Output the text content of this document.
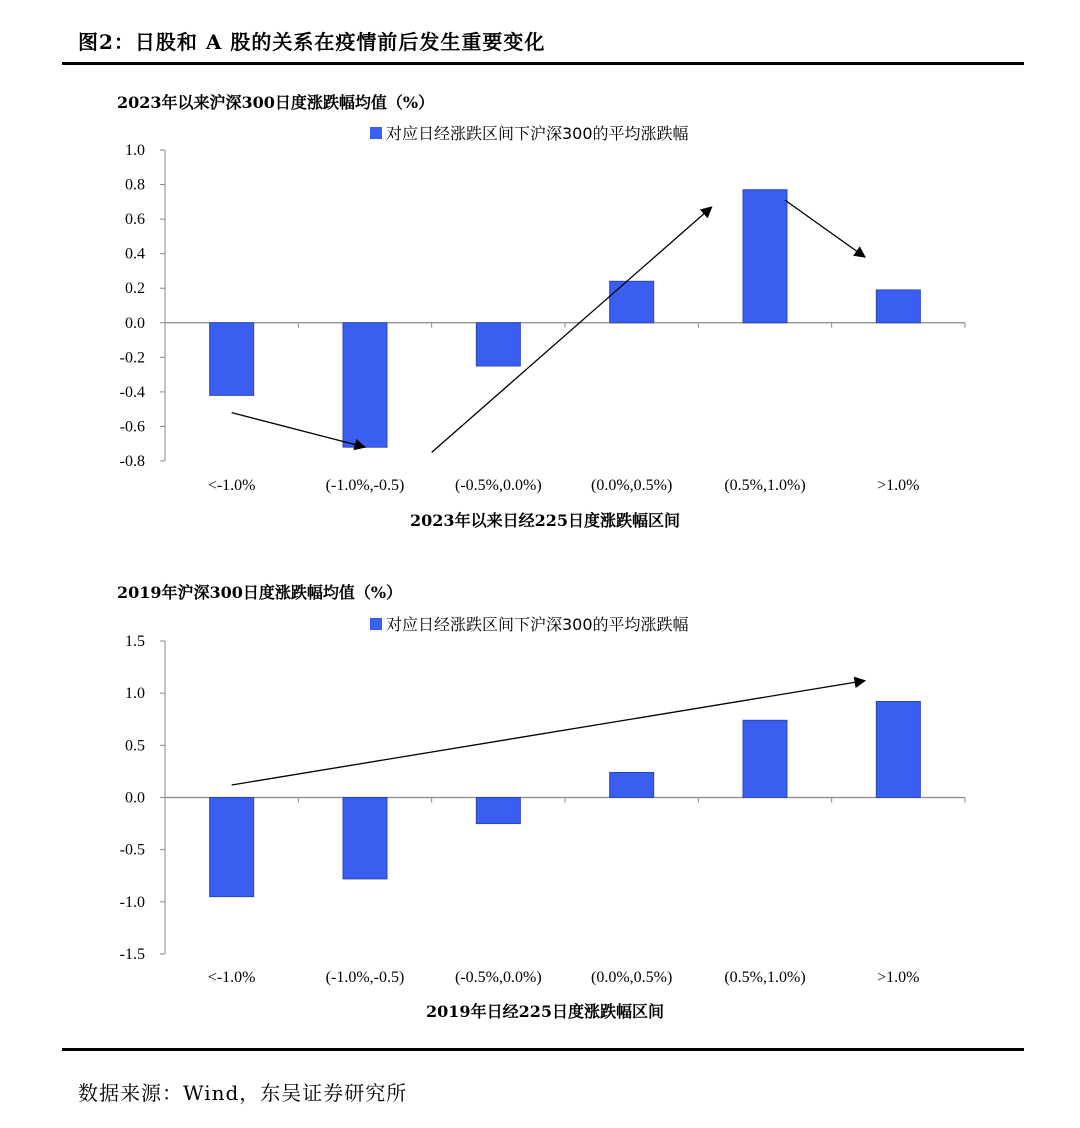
图2：日股和 A 股的关系在疫情前后发生重要变化
2023年以来沪深300日度涨跌幅均值（%）
对应日经涨跌区间下沪深300的平均涨跌幅
1.0
0.8
0.6
0.4
0.2
0.0
-0.2
-0.4
-0.6
-0.8
<-1.0%	(-1.0%,-0.5)	(-0.5%,0.0%)	(0.0%,0.5%)	(0.5%,1.0%)	>1.0%
2023年以来日经225日度涨跌幅区间
2019年沪深300日度涨跌幅均值（%）
对应日经涨跌区间下沪深300的平均涨跌幅
1.5
1.0
0.5
0.0
-0.5
-1.0
-1.5
<-1.0%	(-1.0%,-0.5)	(-0.5%,0.0%)	(0.0%,0.5%)	(0.5%,1.0%)	>1.0%
2019年日经225日度涨跌幅区间
数据来源：Wind，东吴证券研究所
